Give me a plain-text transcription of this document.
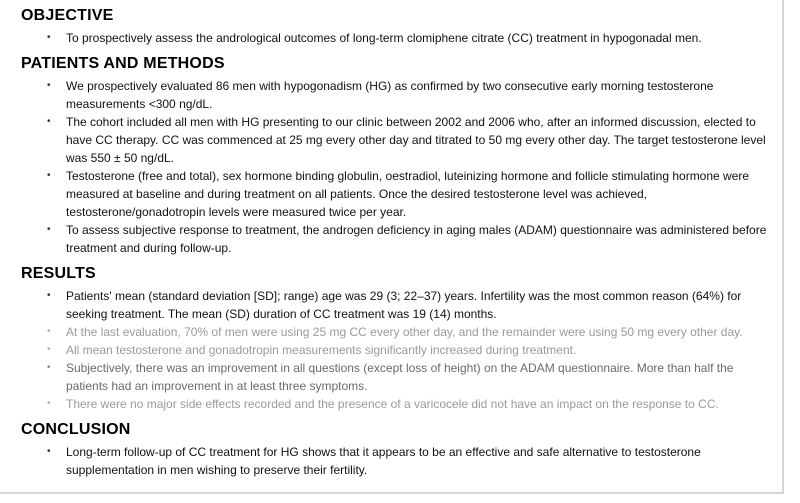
OBJECTIVE
• To prospectively assess the andrological outcomes of long-term clomiphene citrate (CC) treatment in hypogonadal men.
PATIENTS AND METHODS
• We prospectively evaluated 86 men with hypogonadism (HG) as confirmed by two consecutive early morning testosterone measurements <300 ng/dL.
• The cohort included all men with HG presenting to our clinic between 2002 and 2006 who, after an informed discussion, elected to have CC therapy. CC was commenced at 25 mg every other day and titrated to 50 mg every other day. The target testosterone level was 550 ± 50 ng/dL.
• Testosterone (free and total), sex hormone binding globulin, oestradiol, luteinizing hormone and follicle stimulating hormone were measured at baseline and during treatment on all patients. Once the desired testosterone level was achieved, testosterone/gonadotropin levels were measured twice per year.
• To assess subjective response to treatment, the androgen deficiency in aging males (ADAM) questionnaire was administered before treatment and during follow-up.
RESULTS
• Patients' mean (standard deviation [SD]; range) age was 29 (3; 22–37) years. Infertility was the most common reason (64%) for seeking treatment. The mean (SD) duration of CC treatment was 19 (14) months.
• At the last evaluation, 70% of men were using 25 mg CC every other day, and the remainder were using 50 mg every other day.
• All mean testosterone and gonadotropin measurements significantly increased during treatment.
• Subjectively, there was an improvement in all questions (except loss of height) on the ADAM questionnaire. More than half the patients had an improvement in at least three symptoms.
• There were no major side effects recorded and the presence of a varicocele did not have an impact on the response to CC.
CONCLUSION
• Long-term follow-up of CC treatment for HG shows that it appears to be an effective and safe alternative to testosterone supplementation in men wishing to preserve their fertility.
